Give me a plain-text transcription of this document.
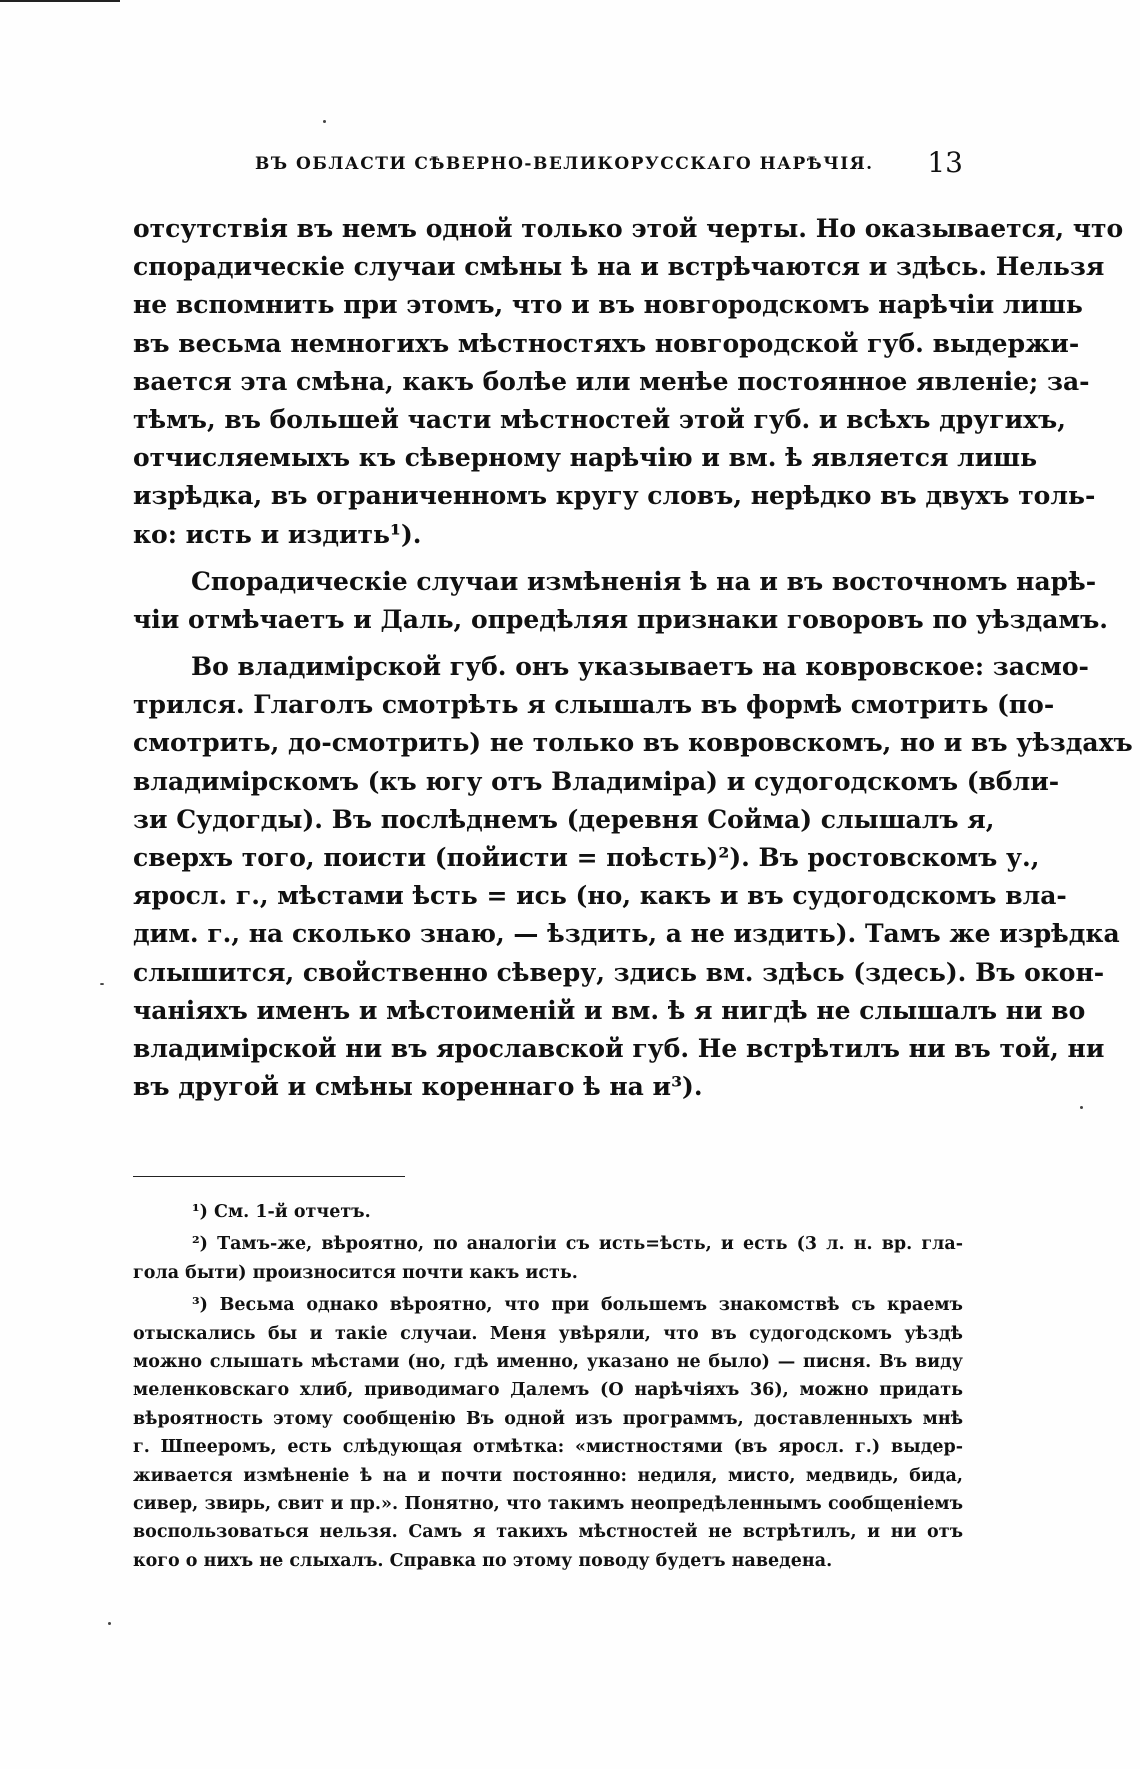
ВЪ ОБЛАСТИ СѢВЕРНО-ВЕЛИКОРУССКАГО НАРѢЧІЯ. 13
отсутствія въ немъ одной только этой черты. Но оказывается, что
спорадическіе случаи смѣны ѣ на и встрѣчаются и здѣсь. Нельзя
не вспомнить при этомъ, что и въ новгородскомъ нарѣчіи лишь
въ весьма немногихъ мѣстностяхъ новгородской губ. выдержи-
вается эта смѣна, какъ болѣе или менѣе постоянное явленіе; за-
тѣмъ, въ большей части мѣстностей этой губ. и всѣхъ другихъ,
отчисляемыхъ къ сѣверному нарѣчію и вм. ѣ является лишь
изрѣдка, въ ограниченномъ кругу словъ, нерѣдко въ двухъ толь-
ко: исть и издить¹).
Спорадическіе случаи измѣненія ѣ на и въ восточномъ нарѣ-
чіи отмѣчаетъ и Даль, опредѣляя признаки говоровъ по уѣздамъ.
Во владимірской губ. онъ указываетъ на ковровское: засмо-
трился. Глаголъ смотрѣть я слышалъ въ формѣ смотрить (по-
смотрить, до-смотрить) не только въ ковровскомъ, но и въ уѣздахъ
владимірскомъ (къ югу отъ Владиміра) и судогодскомъ (вбли-
зи Судогды). Въ послѣднемъ (деревня Сойма) слышалъ я,
сверхъ того, поисти (пойисти = поѣсть)²). Въ ростовскомъ у.,
яросл. г., мѣстами ѣсть = ись (но, какъ и въ судогодскомъ вла-
дим. г., на сколько знаю, — ѣздить, а не издить). Тамъ же изрѣдка
слышится, свойственно сѣверу, здись вм. здѣсь (здесь). Въ окон-
чаніяхъ именъ и мѣстоименій и вм. ѣ я нигдѣ не слышалъ ни во
владимірской ни въ ярославской губ. Не встрѣтилъ ни въ той, ни
въ другой и смѣны кореннаго ѣ на и³).
¹) См. 1-й отчетъ.
²) Тамъ-же, вѣроятно, по аналогіи съ исть=ѣсть, и есть (3 л. н. вр. гла-
гола быти) произносится почти какъ исть.
³) Весьма однако вѣроятно, что при большемъ знакомствѣ съ краемъ
отыскались бы и такіе случаи. Меня увѣряли, что въ судогодскомъ уѣздѣ
можно слышать мѣстами (но, гдѣ именно, указано не было) — писня. Въ виду
меленковскаго хлиб, приводимаго Далемъ (О нарѣчіяхъ 36), можно придать
вѣроятность этому сообщенію Въ одной изъ программъ, доставленныхъ мнѣ
г. Шпееромъ, есть слѣдующая отмѣтка: «мистностями (въ яросл. г.) выдер-
живается измѣненіе ѣ на и почти постоянно: недиля, мисто, медвидь, бида,
сивер, звирь, свит и пр.». Понятно, что такимъ неопредѣленнымъ сообщеніемъ
воспользоваться нельзя. Самъ я такихъ мѣстностей не встрѣтилъ, и ни отъ
кого о нихъ не слыхалъ. Справка по этому поводу будетъ наведена.
